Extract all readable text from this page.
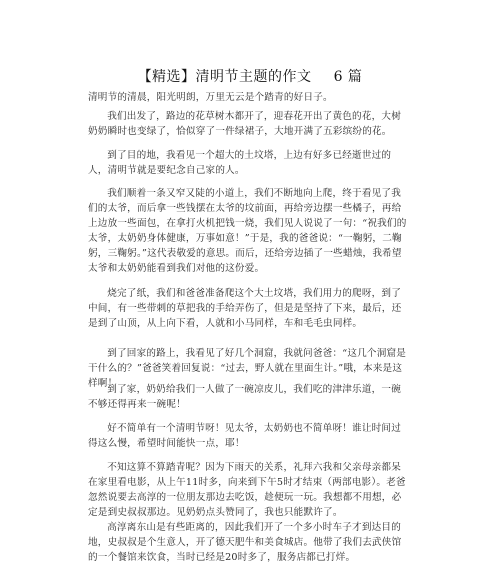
【精选】清明节主题的作文 6 篇
清明节的清晨，阳光明朗，万里无云是个踏青的好日子。
我们出发了，路边的花草树木都开了，迎春花开出了黄色的花，大树奶奶瞬时也变绿了，恰似穿了一件绿裙子，大地开满了五彩缤纷的花。
到了目的地，我看见一个超大的土坟塔，上边有好多已经逝世过的人，清明节就是要纪念自己家的人。
我们顺着一条又窄又陡的小道上，我们不断地向上爬，终于看见了我们的太爷，而后拿一些钱摆在太爷的坟前面，再给旁边摆一些橘子，再给上边放一些面包，在拿打火机把钱一烧，我们见人说说了一句：“祝我们的太爷，太奶奶身体健康，万事如意！”于是，我的爸爸说：“一鞠躬，二鞠躬，三鞠躬。”这代表敬爱的意思。而后，还给旁边插了一些蜡烛，我希望太爷和太奶奶能看到我们对他的这份爱。
烧完了纸，我们和爸爸准备爬这个大土坟塔，我们用力的爬呀，到了中间，有一些带刺的草把我的手给弄伤了，但是是坚持了下来，最后，还是到了山顶，从上向下看，人就和小马同样，车和毛毛虫同样。
到了回家的路上，我看见了好几个洞窟，我就问爸爸：“这几个洞窟是干什么的？”爸爸笑着回复说：“过去，野人就在里面生计。”哦，本来是这样啊！
到了家，奶奶给我们一人做了一碗凉皮儿，我们吃的津津乐道，一碗不够还得再来一碗呢！
好不简单有一个清明节呀！见太爷，太奶奶也不简单呀！谁让时间过得这么慢，希望时间能快一点，耶！
不知这算不算踏青呢？因为下雨天的关系，礼拜六我和父亲母亲都呆在家里看电影，从上午11时多，向来到下午5时才结束（两部电影）。老爸忽然说要去高淳的一位朋友那边去吃饭，趁便玩一玩。我想都不用想，必定是到史叔叔那边。见奶奶点头赞同了，我也只能默许了。
高淳离东山是有些距离的，因此我们开了一个多小时车子才到达目的地，史叔叔是个生意人，开了德天肥牛和美食城店。他带了我们去武侠馆的一个餐馆来饮食，当时已经是20时多了，服务店都已打烊。
